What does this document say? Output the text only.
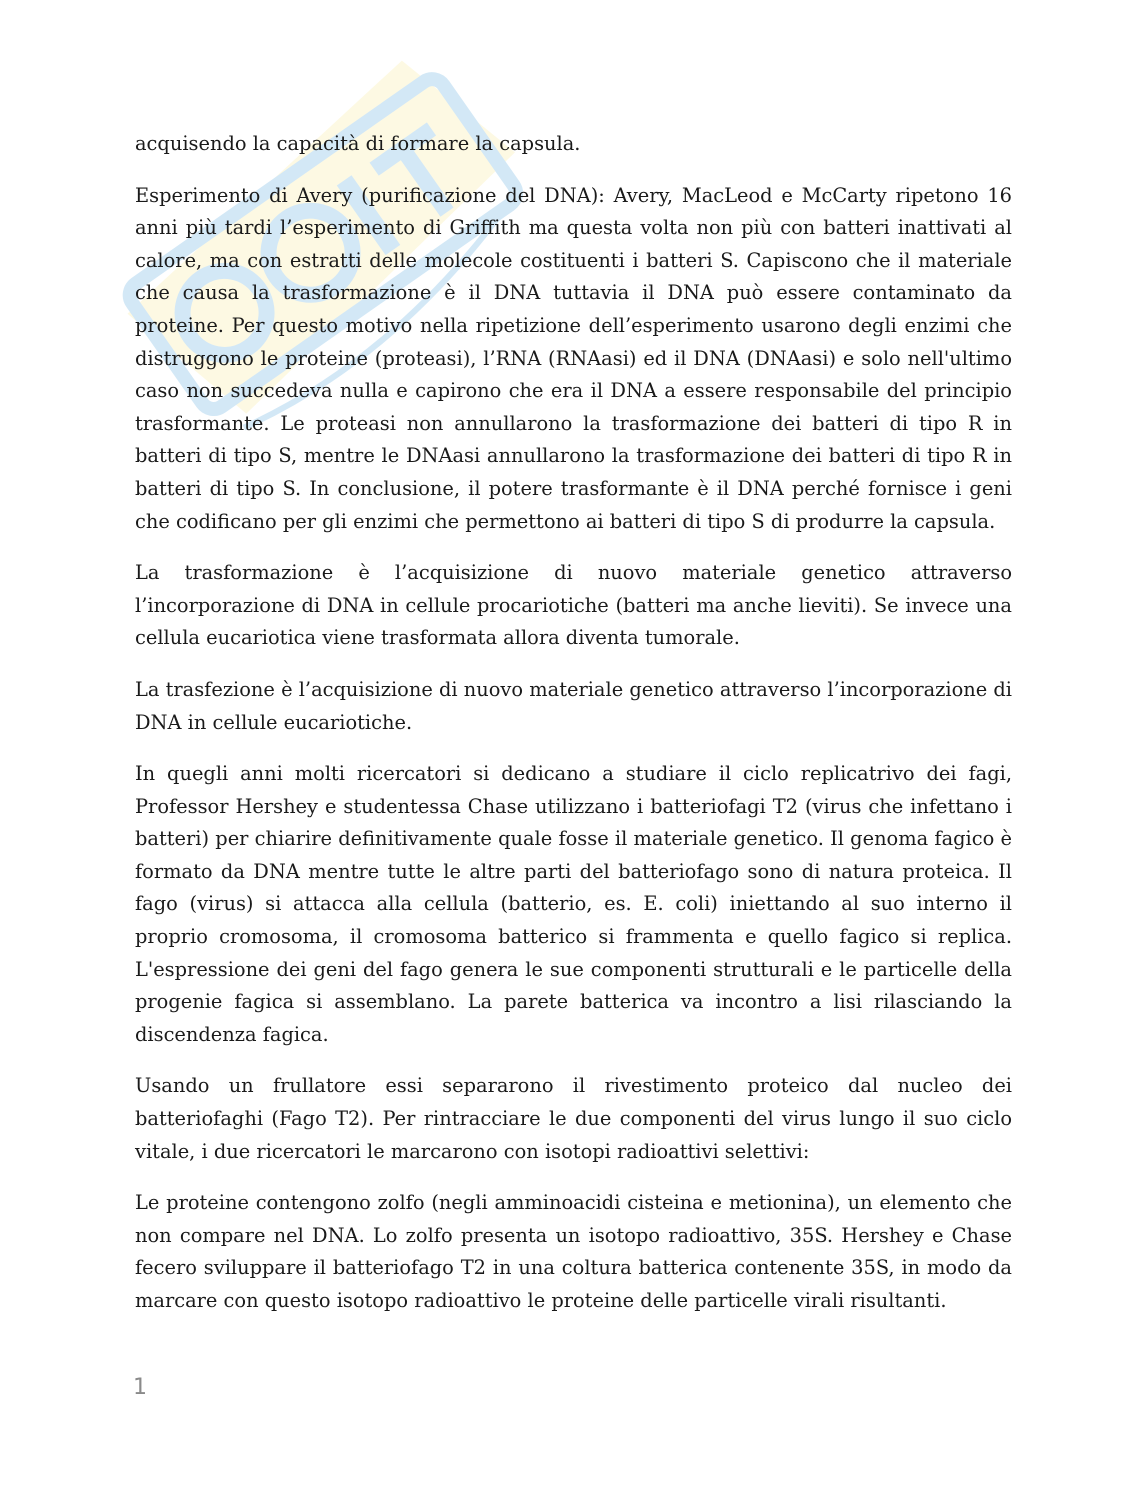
acquisendo la capacità di formare la capsula.

Esperimento di Avery (purificazione del DNA): Avery, MacLeod e McCarty ripetono 16 anni più tardi l’esperimento di Griffith ma questa volta non più con batteri inattivati al calore, ma con estratti delle molecole costituenti i batteri S. Capiscono che il materiale che causa la trasformazione è il DNA tuttavia il DNA può essere contaminato da proteine. Per questo motivo nella ripetizione dell’esperimento usarono degli enzimi che distruggono le proteine (proteasi), l’RNA (RNAasi) ed il DNA (DNAasi) e solo nell'ultimo caso non succedeva nulla e capirono che era il DNA a essere responsabile del principio trasformante. Le proteasi non annullarono la trasformazione dei batteri di tipo R in batteri di tipo S, mentre le DNAasi annullarono la trasformazione dei batteri di tipo R in batteri di tipo S. In conclusione, il potere trasformante è il DNA perché fornisce i geni che codificano per gli enzimi che permettono ai batteri di tipo S di produrre la capsula.

La trasformazione è l’acquisizione di nuovo materiale genetico attraverso l’incorporazione di DNA in cellule procariotiche (batteri ma anche lieviti). Se invece una cellula eucariotica viene trasformata allora diventa tumorale.

La trasfezione è l’acquisizione di nuovo materiale genetico attraverso l’incorporazione di DNA in cellule eucariotiche.

In quegli anni molti ricercatori si dedicano a studiare il ciclo replicatrivo dei fagi, Professor Hershey e studentessa Chase utilizzano i batteriofagi T2 (virus che infettano i batteri) per chiarire definitivamente quale fosse il materiale genetico. Il genoma fagico è formato da DNA mentre tutte le altre parti del batteriofago sono di natura proteica. Il fago (virus) si attacca alla cellula (batterio, es. E. coli) iniettando al suo interno il proprio cromosoma, il cromosoma batterico si frammenta e quello fagico si replica. L'espressione dei geni del fago genera le sue componenti strutturali e le particelle della progenie fagica si assemblano. La parete batterica va incontro a lisi rilasciando la discendenza fagica.

Usando un frullatore essi separarono il rivestimento proteico dal nucleo dei batteriofaghi (Fago T2). Per rintracciare le due componenti del virus lungo il suo ciclo vitale, i due ricercatori le marcarono con isotopi radioattivi selettivi:

Le proteine contengono zolfo (negli amminoacidi cisteina e metionina), un elemento che non compare nel DNA. Lo zolfo presenta un isotopo radioattivo, 35S. Hershey e Chase fecero sviluppare il batteriofago T2 in una coltura batterica contenente 35S, in modo da marcare con questo isotopo radioattivo le proteine delle particelle virali risultanti.

1
